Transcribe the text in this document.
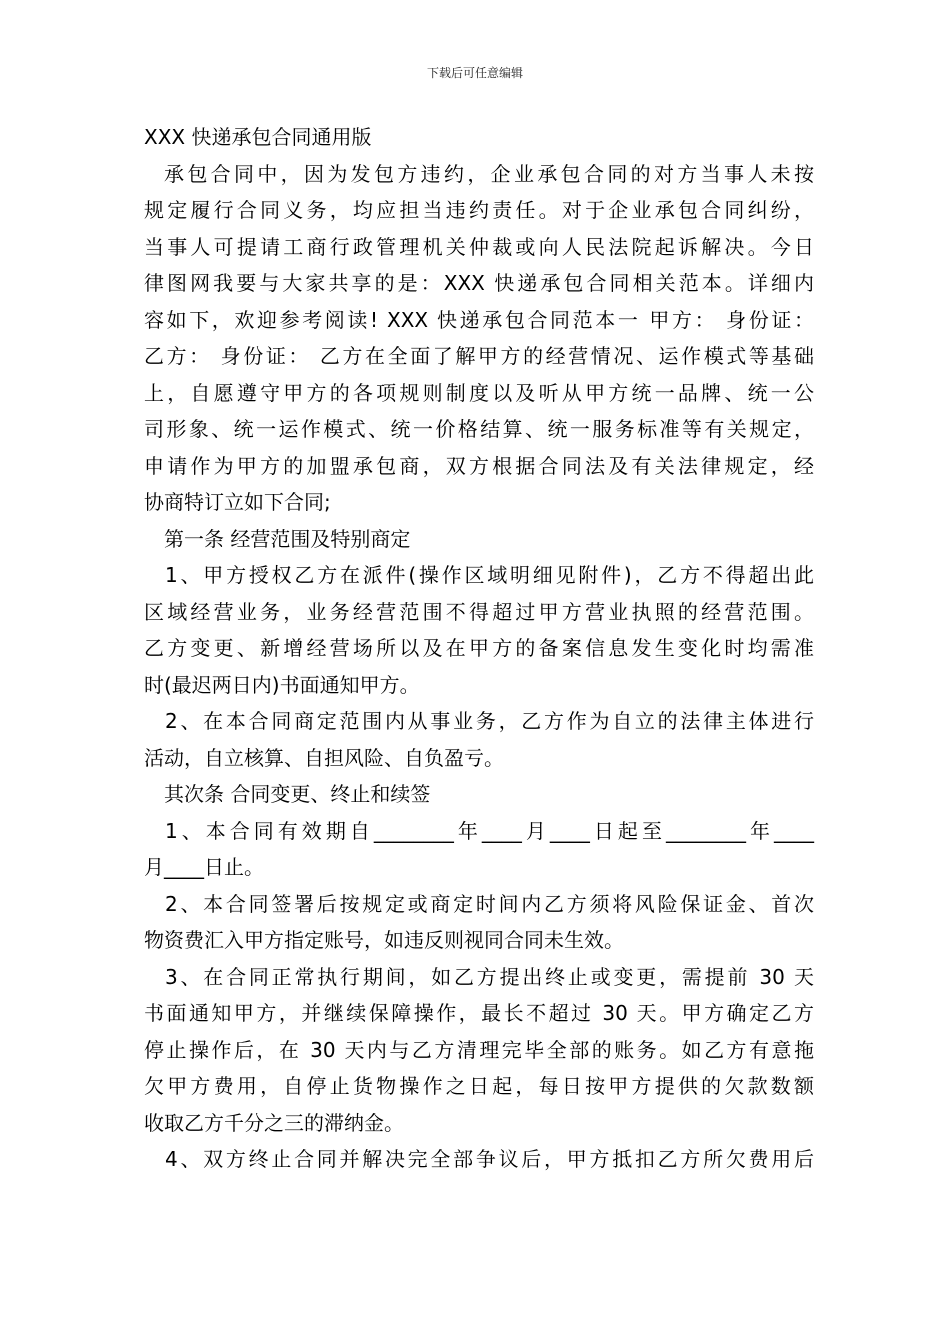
下载后可任意编辑
XXX 快递承包合同通用版
承包合同中，因为发包方违约，企业承包合同的对方当事人未按
规定履行合同义务，均应担当违约责任。对于企业承包合同纠纷，
当事人可提请工商行政管理机关仲裁或向人民法院起诉解决。今日
律图网我要与大家共享的是：XXX 快递承包合同相关范本。详细内
容如下，欢迎参考阅读! XXX 快递承包合同范本一 甲方： 身份证：
乙方： 身份证： 乙方在全面了解甲方的经营情况、运作模式等基础
上，自愿遵守甲方的各项规则制度以及听从甲方统一品牌、统一公
司形象、统一运作模式、统一价格结算、统一服务标准等有关规定，
申请作为甲方的加盟承包商，双方根据合同法及有关法律规定，经
协商特订立如下合同;
第一条 经营范围及特别商定
1、甲方授权乙方在派件(操作区域明细见附件)，乙方不得超出此
区域经营业务，业务经营范围不得超过甲方营业执照的经营范围。
乙方变更、新增经营场所以及在甲方的备案信息发生变化时均需准
时(最迟两日内)书面通知甲方。
2、在本合同商定范围内从事业务，乙方作为自立的法律主体进行
活动，自立核算、自担风险、自负盈亏。
其次条 合同变更、终止和续签
1、本合同有效期自________年____月____日起至________年____
月____日止。
2、本合同签署后按规定或商定时间内乙方须将风险保证金、首次
物资费汇入甲方指定账号，如违反则视同合同未生效。
3、在合同正常执行期间，如乙方提出终止或变更，需提前 30 天
书面通知甲方，并继续保障操作，最长不超过 30 天。甲方确定乙方
停止操作后，在 30 天内与乙方清理完毕全部的账务。如乙方有意拖
欠甲方费用，自停止货物操作之日起，每日按甲方提供的欠款数额
收取乙方千分之三的滞纳金。
4、双方终止合同并解决完全部争议后，甲方抵扣乙方所欠费用后
